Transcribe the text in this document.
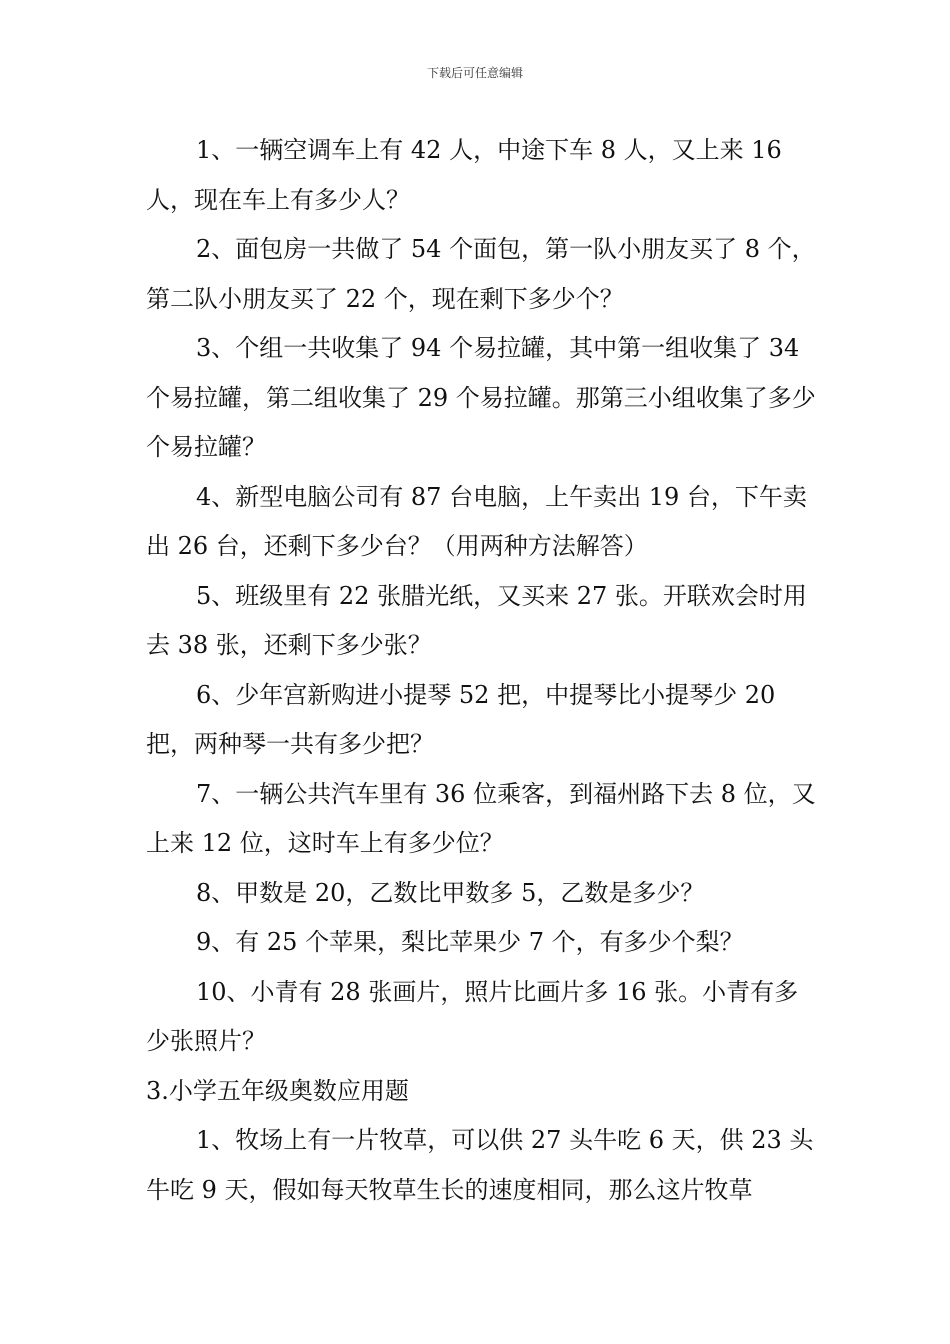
下载后可任意编辑

1、一辆空调车上有 42 人，中途下车 8 人，又上来 16 人，现在车上有多少人？

2、面包房一共做了 54 个面包，第一队小朋友买了 8 个，第二队小朋友买了 22 个，现在剩下多少个？

3、个组一共收集了 94 个易拉罐，其中第一组收集了 34 个易拉罐，第二组收集了 29 个易拉罐。那第三小组收集了多少个易拉罐？

4、新型电脑公司有 87 台电脑，上午卖出 19 台，下午卖出 26 台，还剩下多少台？（用两种方法解答）

5、班级里有 22 张腊光纸，又买来 27 张。开联欢会时用去 38 张，还剩下多少张？

6、少年宫新购进小提琴 52 把，中提琴比小提琴少 20 把，两种琴一共有多少把？

7、一辆公共汽车里有 36 位乘客，到福州路下去 8 位，又上来 12 位，这时车上有多少位？

8、甲数是 20，乙数比甲数多 5，乙数是多少？

9、有 25 个苹果，梨比苹果少 7 个，有多少个梨？

10、小青有 28 张画片，照片比画片多 16 张。小青有多少张照片？

3.小学五年级奥数应用题

1、牧场上有一片牧草，可以供 27 头牛吃 6 天，供 23 头牛吃 9 天，假如每天牧草生长的速度相同，那么这片牧草
